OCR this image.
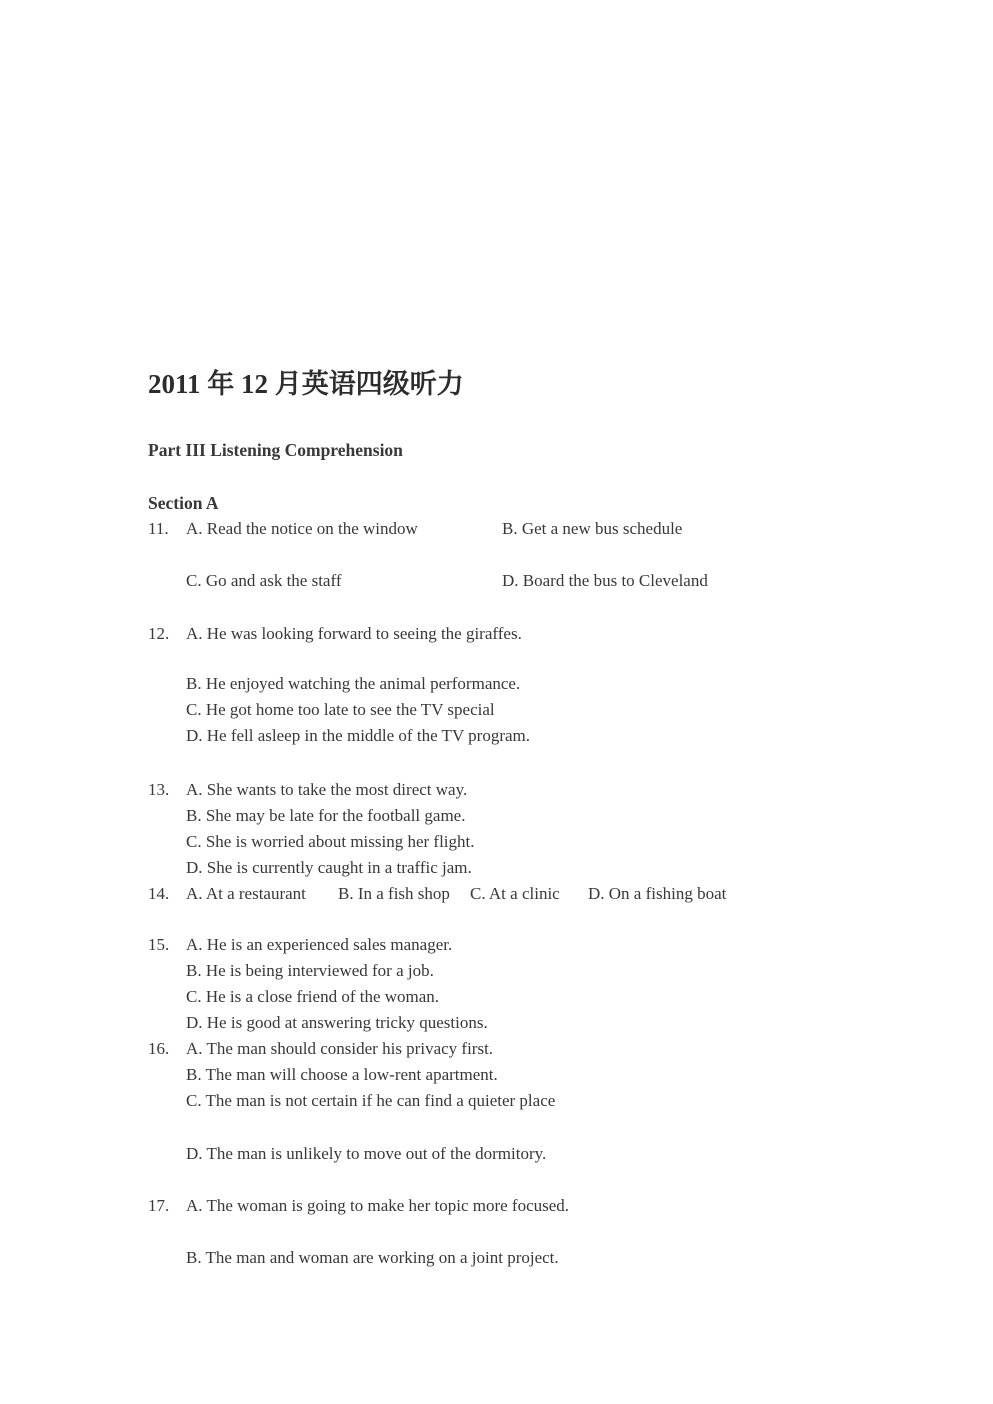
2011 年 12 月英语四级听力
Part III Listening Comprehension
Section A
11.	A. Read the notice on the window	B. Get a new bus schedule
C. Go and ask the staff	D. Board the bus to Cleveland
12. A. He was looking forward to seeing the giraffes.
B. He enjoyed watching the animal performance.
C. He got home too late to see the TV special
D. He fell asleep in the middle of the TV program.
13. A. She wants to take the most direct way.
B. She may be late for the football game.
C. She is worried about missing her flight.
D. She is currently caught in a traffic jam.
14. A. At a restaurant	B. In a fish shop	C. At a clinic	D. On a fishing boat
15. A. He is an experienced sales manager.
B. He is being interviewed for a job.
C. He is a close friend of the woman.
D. He is good at answering tricky questions.
16. A. The man should consider his privacy first.
B. The man will choose a low-rent apartment.
C. The man is not certain if he can find a quieter place
D. The man is unlikely to move out of the dormitory.
17. A. The woman is going to make her topic more focused.
B. The man and woman are working on a joint project.
